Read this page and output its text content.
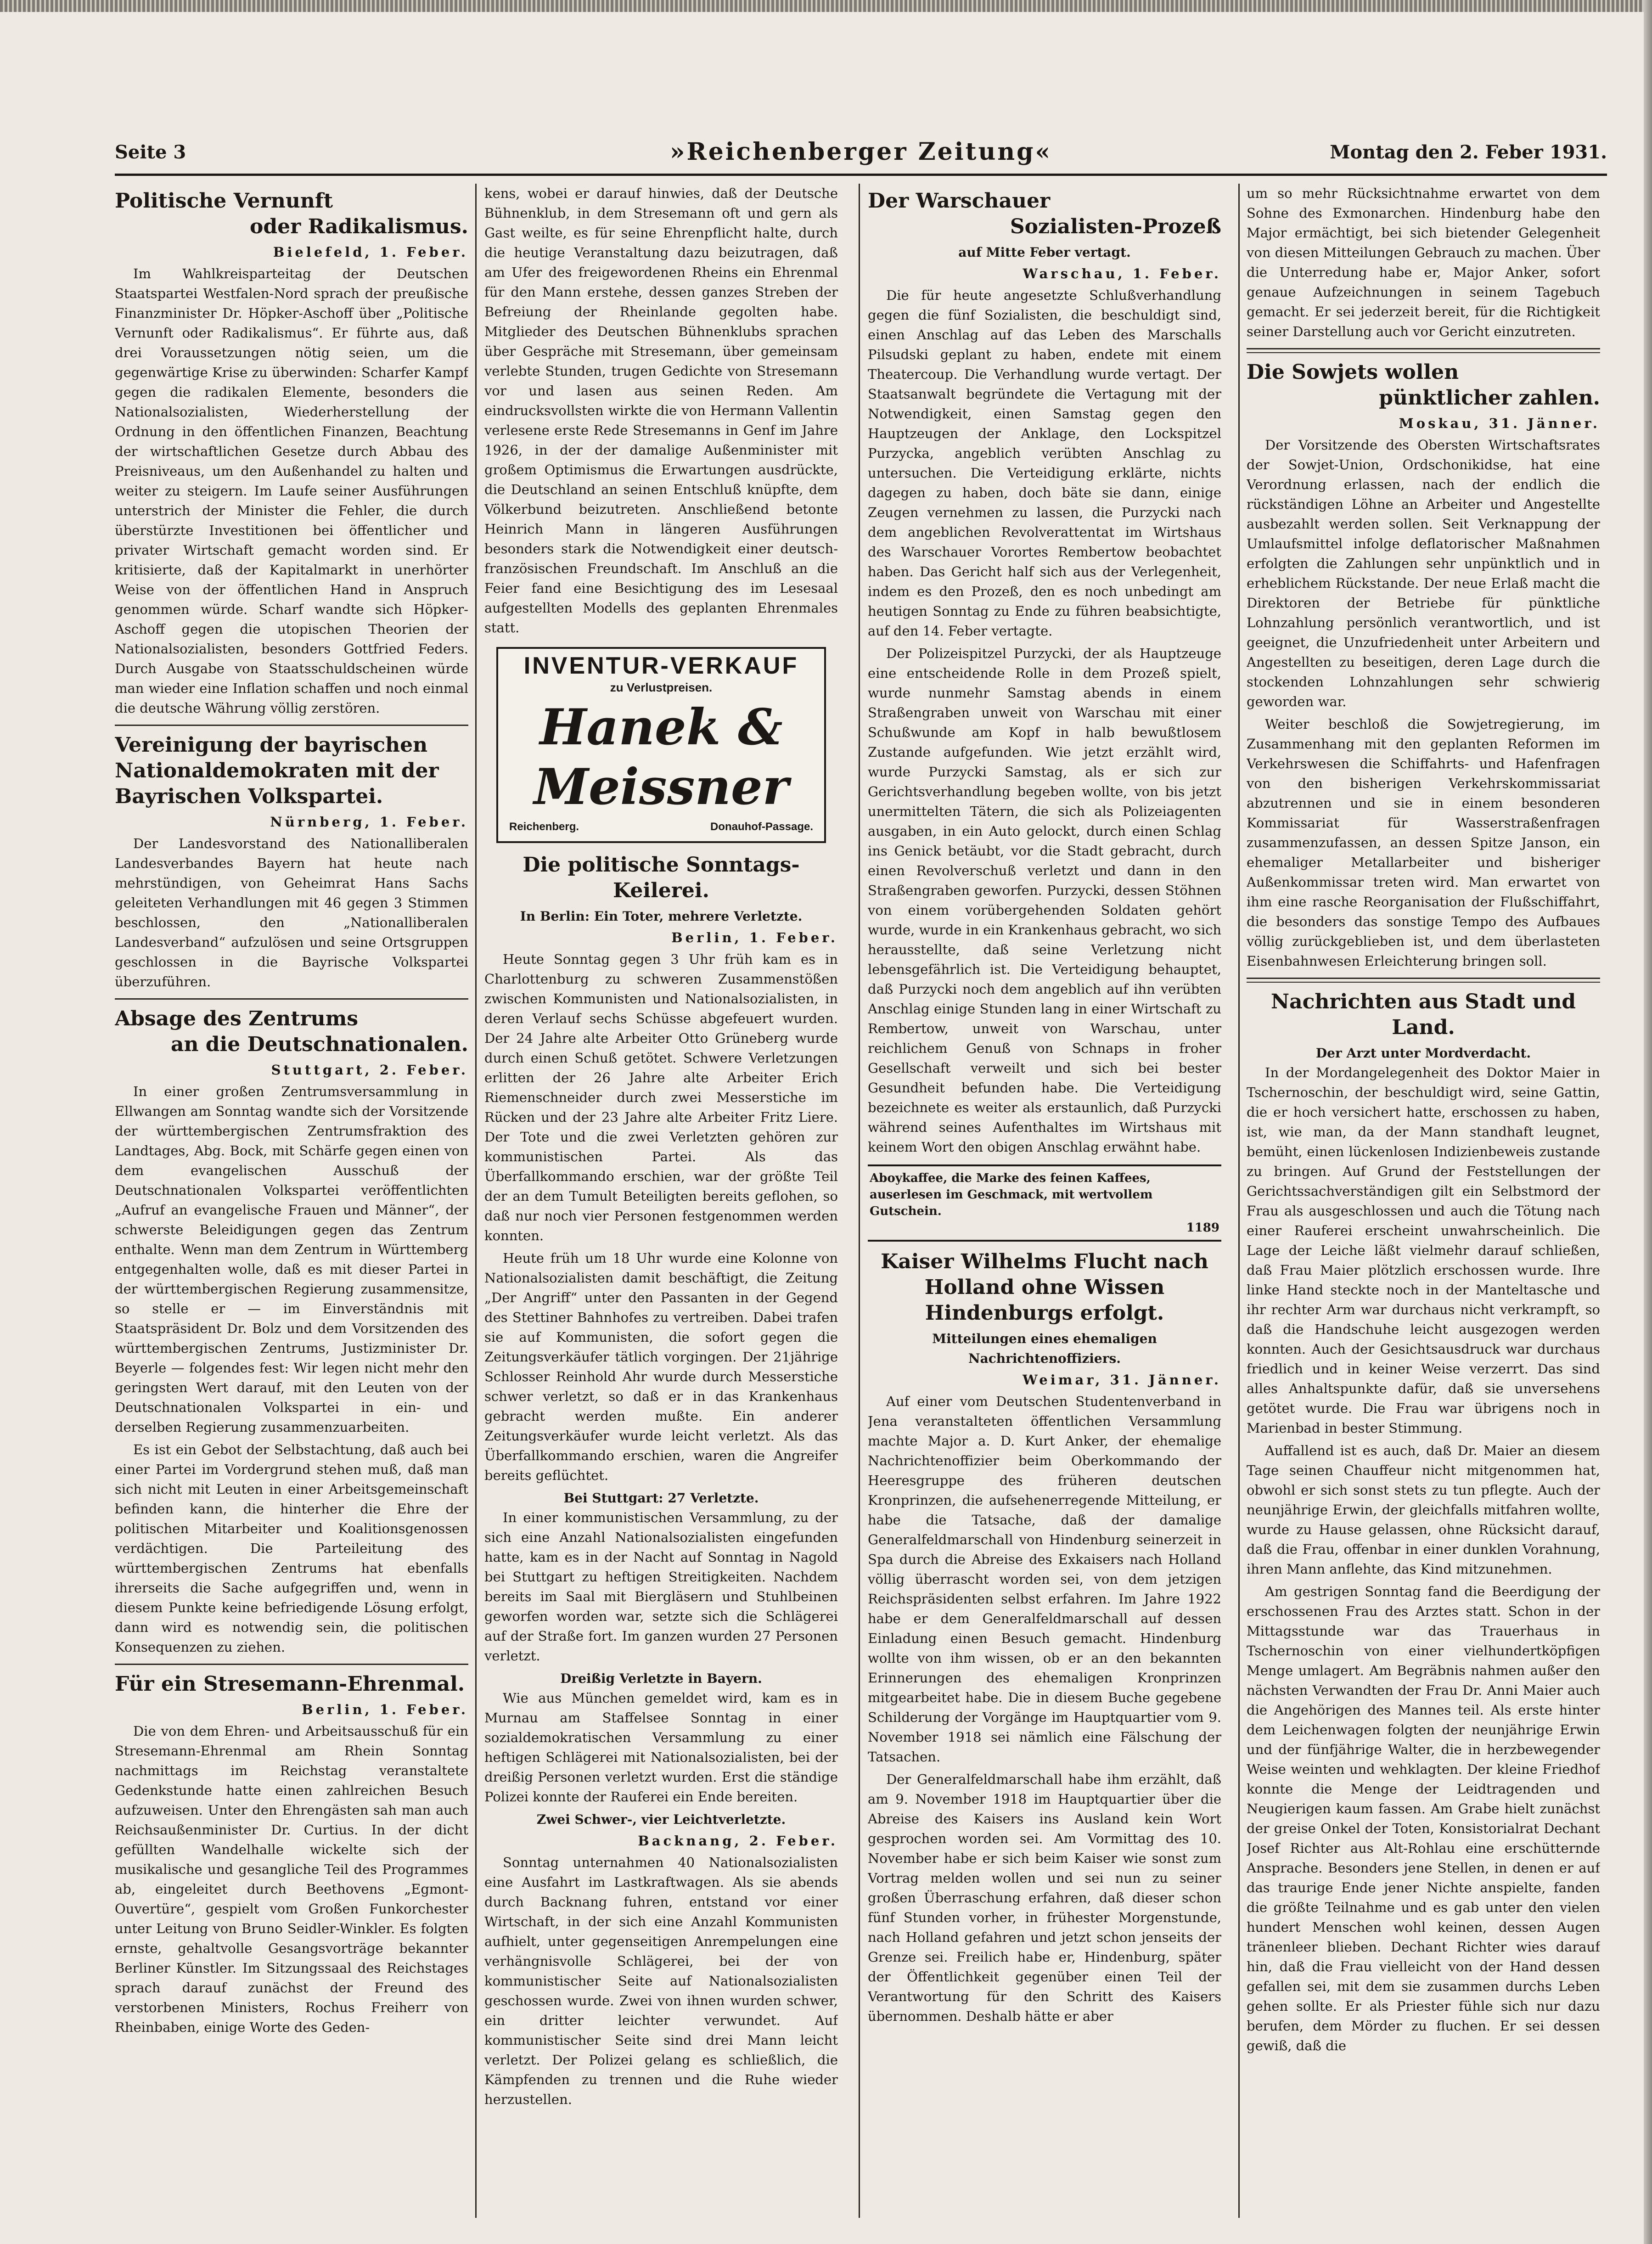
Seite 3	»Reichenberger Zeitung«	Montag den 2. Feber 1931.
Politische Vernunft
oder Radikalismus.
Bielefeld, 1. Feber.

Im Wahlkreisparteitag der Deutschen Staatspartei Westfalen-Nord sprach der preußische Finanzminister Dr. Höpker-Aschoff über „Politische Vernunft oder Radikalismus“. Er führte aus, daß drei Voraussetzungen nötig seien, um die gegenwärtige Krise zu überwinden: Scharfer Kampf gegen die radikalen Elemente, besonders die Nationalsozialisten, Wiederherstellung der Ordnung in den öffentlichen Finanzen, Beachtung der wirtschaftlichen Gesetze durch Abbau des Preisniveaus, um den Außenhandel zu halten und weiter zu steigern. Im Laufe seiner Ausführungen unterstrich der Minister die Fehler, die durch überstürzte Investitionen bei öffentlicher und privater Wirtschaft gemacht worden sind. Er kritisierte, daß der Kapitalmarkt in unerhörter Weise von der öffentlichen Hand in Anspruch genommen würde. Scharf wandte sich Höpker-Aschoff gegen die utopischen Theorien der Nationalsozialisten, besonders Gottfried Feders. Durch Ausgabe von Staatsschuldscheinen würde man wieder eine Inflation schaffen und noch einmal die deutsche Währung völlig zerstören.

Vereinigung der bayrischen Nationaldemokraten mit der Bayrischen Volkspartei.
Nürnberg, 1. Feber.

Der Landesvorstand des Nationalliberalen Landesverbandes Bayern hat heute nach mehrstündigen, von Geheimrat Hans Sachs geleiteten Verhandlungen mit 46 gegen 3 Stimmen beschlossen, den „Nationalliberalen Landesverband“ aufzulösen und seine Ortsgruppen geschlossen in die Bayrische Volkspartei überzuführen.

Absage des Zentrums
an die Deutschnationalen.
Stuttgart, 2. Feber.

In einer großen Zentrumsversammlung in Ellwangen am Sonntag wandte sich der Vorsitzende der württembergischen Zentrumsfraktion des Landtages, Abg. Bock, mit Schärfe gegen einen von dem evangelischen Ausschuß der Deutschnationalen Volkspartei veröffentlichten „Aufruf an evangelische Frauen und Männer“, der schwerste Beleidigungen gegen das Zentrum enthalte. Wenn man dem Zentrum in Württemberg entgegenhalten wolle, daß es mit dieser Partei in der württembergischen Regierung zusammensitze, so stelle er — im Einverständnis mit Staatspräsident Dr. Bolz und dem Vorsitzenden des württembergischen Zentrums, Justizminister Dr. Beyerle — folgendes fest: Wir legen nicht mehr den geringsten Wert darauf, mit den Leuten von der Deutschnationalen Volkspartei in ein- und derselben Regierung zusammenzuarbeiten.

Es ist ein Gebot der Selbstachtung, daß auch bei einer Partei im Vordergrund stehen muß, daß man sich nicht mit Leuten in einer Arbeitsgemeinschaft befinden kann, die hinterher die Ehre der politischen Mitarbeiter und Koalitionsgenossen verdächtigen. Die Parteileitung des württembergischen Zentrums hat ebenfalls ihrerseits die Sache aufgegriffen und, wenn in diesem Punkte keine befriedigende Lösung erfolgt, dann wird es notwendig sein, die politischen Konsequenzen zu ziehen.

Für ein Stresemann-Ehrenmal.
Berlin, 1. Feber.

Die von dem Ehren- und Arbeitsausschuß für ein Stresemann-Ehrenmal am Rhein Sonntag nachmittags im Reichstag veranstaltete Gedenkstunde hatte einen zahlreichen Besuch aufzuweisen. Unter den Ehrengästen sah man auch Reichsaußenminister Dr. Curtius. In der dicht gefüllten Wandelhalle wickelte sich der musikalische und gesangliche Teil des Programmes ab, eingeleitet durch Beethovens „Egmont-Ouvertüre“, gespielt vom Großen Funkorchester unter Leitung von Bruno Seidler-Winkler. Es folgten ernste, gehaltvolle Gesangsvorträge bekannter Berliner Künstler. Im Sitzungssaal des Reichstages sprach darauf zunächst der Freund des verstorbenen Ministers, Rochus Freiherr von Rheinbaben, einige Worte des Geden-

kens, wobei er darauf hinwies, daß der Deutsche Bühnenklub, in dem Stresemann oft und gern als Gast weilte, es für seine Ehrenpflicht halte, durch die heutige Veranstaltung dazu beizutragen, daß am Ufer des freigewordenen Rheins ein Ehrenmal für den Mann erstehe, dessen ganzes Streben der Befreiung der Rheinlande gegolten habe. Mitglieder des Deutschen Bühnenklubs sprachen über Gespräche mit Stresemann, über gemeinsam verlebte Stunden, trugen Gedichte von Stresemann vor und lasen aus seinen Reden. Am eindrucksvollsten wirkte die von Hermann Vallentin verlesene erste Rede Stresemanns in Genf im Jahre 1926, in der der damalige Außenminister mit großem Optimismus die Erwartungen ausdrückte, die Deutschland an seinen Entschluß knüpfte, dem Völkerbund beizutreten. Anschließend betonte Heinrich Mann in längeren Ausführungen besonders stark die Notwendigkeit einer deutsch-französischen Freundschaft. Im Anschluß an die Feier fand eine Besichtigung des im Lesesaal aufgestellten Modells des geplanten Ehrenmales statt.

INVENTUR-VERKAUF
zu Verlustpreisen.
Hanek & Meissner
Reichenberg.	Donauhof-Passage.
Die politische Sonntags-Keilerei.
In Berlin: Ein Toter, mehrere Verletzte.
Berlin, 1. Feber.

Heute Sonntag gegen 3 Uhr früh kam es in Charlottenburg zu schweren Zusammenstößen zwischen Kommunisten und Nationalsozialisten, in deren Verlauf sechs Schüsse abgefeuert wurden. Der 24 Jahre alte Arbeiter Otto Grüneberg wurde durch einen Schuß getötet. Schwere Verletzungen erlitten der 26 Jahre alte Arbeiter Erich Riemenschneider durch zwei Messerstiche im Rücken und der 23 Jahre alte Arbeiter Fritz Liere. Der Tote und die zwei Verletzten gehören zur kommunistischen Partei. Als das Überfallkommando erschien, war der größte Teil der an dem Tumult Beteiligten bereits geflohen, so daß nur noch vier Personen festgenommen werden konnten.

Heute früh um 18 Uhr wurde eine Kolonne von Nationalsozialisten damit beschäftigt, die Zeitung „Der Angriff“ unter den Passanten in der Gegend des Stettiner Bahnhofes zu vertreiben. Dabei trafen sie auf Kommunisten, die sofort gegen die Zeitungsverkäufer tätlich vorgingen. Der 21jährige Schlosser Reinhold Ahr wurde durch Messerstiche schwer verletzt, so daß er in das Krankenhaus gebracht werden mußte. Ein anderer Zeitungsverkäufer wurde leicht verletzt. Als das Überfallkommando erschien, waren die Angreifer bereits geflüchtet.

Bei Stuttgart: 27 Verletzte.

In einer kommunistischen Versammlung, zu der sich eine Anzahl Nationalsozialisten eingefunden hatte, kam es in der Nacht auf Sonntag in Nagold bei Stuttgart zu heftigen Streitigkeiten. Nachdem bereits im Saal mit Biergläsern und Stuhlbeinen geworfen worden war, setzte sich die Schlägerei auf der Straße fort. Im ganzen wurden 27 Personen verletzt.

Dreißig Verletzte in Bayern.

Wie aus München gemeldet wird, kam es in Murnau am Staffelsee Sonntag in einer sozialdemokratischen Versammlung zu einer heftigen Schlägerei mit Nationalsozialisten, bei der dreißig Personen verletzt wurden. Erst die ständige Polizei konnte der Rauferei ein Ende bereiten.

Zwei Schwer-, vier Leichtverletzte.
Backnang, 2. Feber.

Sonntag unternahmen 40 Nationalsozialisten eine Ausfahrt im Lastkraftwagen. Als sie abends durch Backnang fuhren, entstand vor einer Wirtschaft, in der sich eine Anzahl Kommunisten aufhielt, unter gegenseitigen Anrempelungen eine verhängnisvolle Schlägerei, bei der von kommunistischer Seite auf Nationalsozialisten geschossen wurde. Zwei von ihnen wurden schwer, ein dritter leichter verwundet. Auf kommunistischer Seite sind drei Mann leicht verletzt. Der Polizei gelang es schließlich, die Kämpfenden zu trennen und die Ruhe wieder herzustellen.

Der Warschauer
Sozialisten-Prozeß
auf Mitte Feber vertagt.
Warschau, 1. Feber.

Die für heute angesetzte Schlußverhandlung gegen die fünf Sozialisten, die beschuldigt sind, einen Anschlag auf das Leben des Marschalls Pilsudski geplant zu haben, endete mit einem Theatercoup. Die Verhandlung wurde vertagt. Der Staatsanwalt begründete die Vertagung mit der Notwendigkeit, einen Samstag gegen den Hauptzeugen der Anklage, den Lockspitzel Purzycka, angeblich verübten Anschlag zu untersuchen. Die Verteidigung erklärte, nichts dagegen zu haben, doch bäte sie dann, einige Zeugen vernehmen zu lassen, die Purzycki nach dem angeblichen Revolverattentat im Wirtshaus des Warschauer Vorortes Rembertow beobachtet haben. Das Gericht half sich aus der Verlegenheit, indem es den Prozeß, den es noch unbedingt am heutigen Sonntag zu Ende zu führen beabsichtigte, auf den 14. Feber vertagte.

Der Polizeispitzel Purzycki, der als Hauptzeuge eine entscheidende Rolle in dem Prozeß spielt, wurde nunmehr Samstag abends in einem Straßengraben unweit von Warschau mit einer Schußwunde am Kopf in halb bewußtlosem Zustande aufgefunden. Wie jetzt erzählt wird, wurde Purzycki Samstag, als er sich zur Gerichtsverhandlung begeben wollte, von bis jetzt unermittelten Tätern, die sich als Polizeiagenten ausgaben, in ein Auto gelockt, durch einen Schlag ins Genick betäubt, vor die Stadt gebracht, durch einen Revolverschuß verletzt und dann in den Straßengraben geworfen. Purzycki, dessen Stöhnen von einem vorübergehenden Soldaten gehört wurde, wurde in ein Krankenhaus gebracht, wo sich herausstellte, daß seine Verletzung nicht lebensgefährlich ist. Die Verteidigung behauptet, daß Purzycki noch dem angeblich auf ihn verübten Anschlag einige Stunden lang in einer Wirtschaft zu Rembertow, unweit von Warschau, unter reichlichem Genuß von Schnaps in froher Gesellschaft verweilt und sich bei bester Gesundheit befunden habe. Die Verteidigung bezeichnete es weiter als erstaunlich, daß Purzycki während seines Aufenthaltes im Wirtshaus mit keinem Wort den obigen Anschlag erwähnt habe.

Aboykaffee, die Marke des feinen Kaffees, auserlesen im Geschmack, mit wertvollem Gutschein.
1189
Kaiser Wilhelms Flucht nach Holland ohne Wissen Hindenburgs erfolgt.
Mitteilungen eines ehemaligen Nachrichtenoffiziers.
Weimar, 31. Jänner.

Auf einer vom Deutschen Studentenverband in Jena veranstalteten öffentlichen Versammlung machte Major a. D. Kurt Anker, der ehemalige Nachrichtenoffizier beim Oberkommando der Heeresgruppe des früheren deutschen Kronprinzen, die aufsehenerregende Mitteilung, er habe die Tatsache, daß der damalige Generalfeldmarschall von Hindenburg seinerzeit in Spa durch die Abreise des Exkaisers nach Holland völlig überrascht worden sei, von dem jetzigen Reichspräsidenten selbst erfahren. Im Jahre 1922 habe er dem Generalfeldmarschall auf dessen Einladung einen Besuch gemacht. Hindenburg wollte von ihm wissen, ob er an den bekannten Erinnerungen des ehemaligen Kronprinzen mitgearbeitet habe. Die in diesem Buche gegebene Schilderung der Vorgänge im Hauptquartier vom 9. November 1918 sei nämlich eine Fälschung der Tatsachen.

Der Generalfeldmarschall habe ihm erzählt, daß am 9. November 1918 im Hauptquartier über die Abreise des Kaisers ins Ausland kein Wort gesprochen worden sei. Am Vormittag des 10. November habe er sich beim Kaiser wie sonst zum Vortrag melden wollen und sei nun zu seiner großen Überraschung erfahren, daß dieser schon fünf Stunden vorher, in frühester Morgenstunde, nach Holland gefahren und jetzt schon jenseits der Grenze sei. Freilich habe er, Hindenburg, später der Öffentlichkeit gegenüber einen Teil der Verantwortung für den Schritt des Kaisers übernommen. Deshalb hätte er aber

um so mehr Rücksichtnahme erwartet von dem Sohne des Exmonarchen. Hindenburg habe den Major ermächtigt, bei sich bietender Gelegenheit von diesen Mitteilungen Gebrauch zu machen. Über die Unterredung habe er, Major Anker, sofort genaue Aufzeichnungen in seinem Tagebuch gemacht. Er sei jederzeit bereit, für die Richtigkeit seiner Darstellung auch vor Gericht einzutreten.

Die Sowjets wollen
pünktlicher zahlen.
Moskau, 31. Jänner.

Der Vorsitzende des Obersten Wirtschaftsrates der Sowjet-Union, Ordschonikidse, hat eine Verordnung erlassen, nach der endlich die rückständigen Löhne an Arbeiter und Angestellte ausbezahlt werden sollen. Seit Verknappung der Umlaufsmittel infolge deflatorischer Maßnahmen erfolgten die Zahlungen sehr unpünktlich und in erheblichem Rückstande. Der neue Erlaß macht die Direktoren der Betriebe für pünktliche Lohnzahlung persönlich verantwortlich, und ist geeignet, die Unzufriedenheit unter Arbeitern und Angestellten zu beseitigen, deren Lage durch die stockenden Lohnzahlungen sehr schwierig geworden war.

Weiter beschloß die Sowjetregierung, im Zusammenhang mit den geplanten Reformen im Verkehrswesen die Schiffahrts- und Hafenfragen von den bisherigen Verkehrskommissariat abzutrennen und sie in einem besonderen Kommissariat für Wasserstraßenfragen zusammenzufassen, an dessen Spitze Janson, ein ehemaliger Metallarbeiter und bisheriger Außenkommissar treten wird. Man erwartet von ihm eine rasche Reorganisation der Flußschiffahrt, die besonders das sonstige Tempo des Aufbaues völlig zurückgeblieben ist, und dem überlasteten Eisenbahnwesen Erleichterung bringen soll.

Nachrichten aus Stadt und Land.
Der Arzt unter Mordverdacht.

In der Mordangelegenheit des Doktor Maier in Tschernoschin, der beschuldigt wird, seine Gattin, die er hoch versichert hatte, erschossen zu haben, ist, wie man, da der Mann standhaft leugnet, bemüht, einen lückenlosen Indizienbeweis zustande zu bringen. Auf Grund der Feststellungen der Gerichtssachverständigen gilt ein Selbstmord der Frau als ausgeschlossen und auch die Tötung nach einer Rauferei erscheint unwahrscheinlich. Die Lage der Leiche läßt vielmehr darauf schließen, daß Frau Maier plötzlich erschossen wurde. Ihre linke Hand steckte noch in der Manteltasche und ihr rechter Arm war durchaus nicht verkrampft, so daß die Handschuhe leicht ausgezogen werden konnten. Auch der Gesichtsausdruck war durchaus friedlich und in keiner Weise verzerrt. Das sind alles Anhaltspunkte dafür, daß sie unversehens getötet wurde. Die Frau war übrigens noch in Marienbad in bester Stimmung.

Auffallend ist es auch, daß Dr. Maier an diesem Tage seinen Chauffeur nicht mitgenommen hat, obwohl er sich sonst stets zu tun pflegte. Auch der neunjährige Erwin, der gleichfalls mitfahren wollte, wurde zu Hause gelassen, ohne Rücksicht darauf, daß die Frau, offenbar in einer dunklen Vorahnung, ihren Mann anflehte, das Kind mitzunehmen.

Am gestrigen Sonntag fand die Beerdigung der erschossenen Frau des Arztes statt. Schon in der Mittagsstunde war das Trauerhaus in Tschernoschin von einer vielhundertköpfigen Menge umlagert. Am Begräbnis nahmen außer den nächsten Verwandten der Frau Dr. Anni Maier auch die Angehörigen des Mannes teil. Als erste hinter dem Leichenwagen folgten der neunjährige Erwin und der fünfjährige Walter, die in herzbewegender Weise weinten und wehklagten. Der kleine Friedhof konnte die Menge der Leidtragenden und Neugierigen kaum fassen. Am Grabe hielt zunächst der greise Onkel der Toten, Konsistorialrat Dechant Josef Richter aus Alt-Rohlau eine erschütternde Ansprache. Besonders jene Stellen, in denen er auf das traurige Ende jener Nichte anspielte, fanden die größte Teilnahme und es gab unter den vielen hundert Menschen wohl keinen, dessen Augen tränenleer blieben. Dechant Richter wies darauf hin, daß die Frau vielleicht von der Hand dessen gefallen sei, mit dem sie zusammen durchs Leben gehen sollte. Er als Priester fühle sich nur dazu berufen, dem Mörder zu fluchen. Er sei dessen gewiß, daß die
